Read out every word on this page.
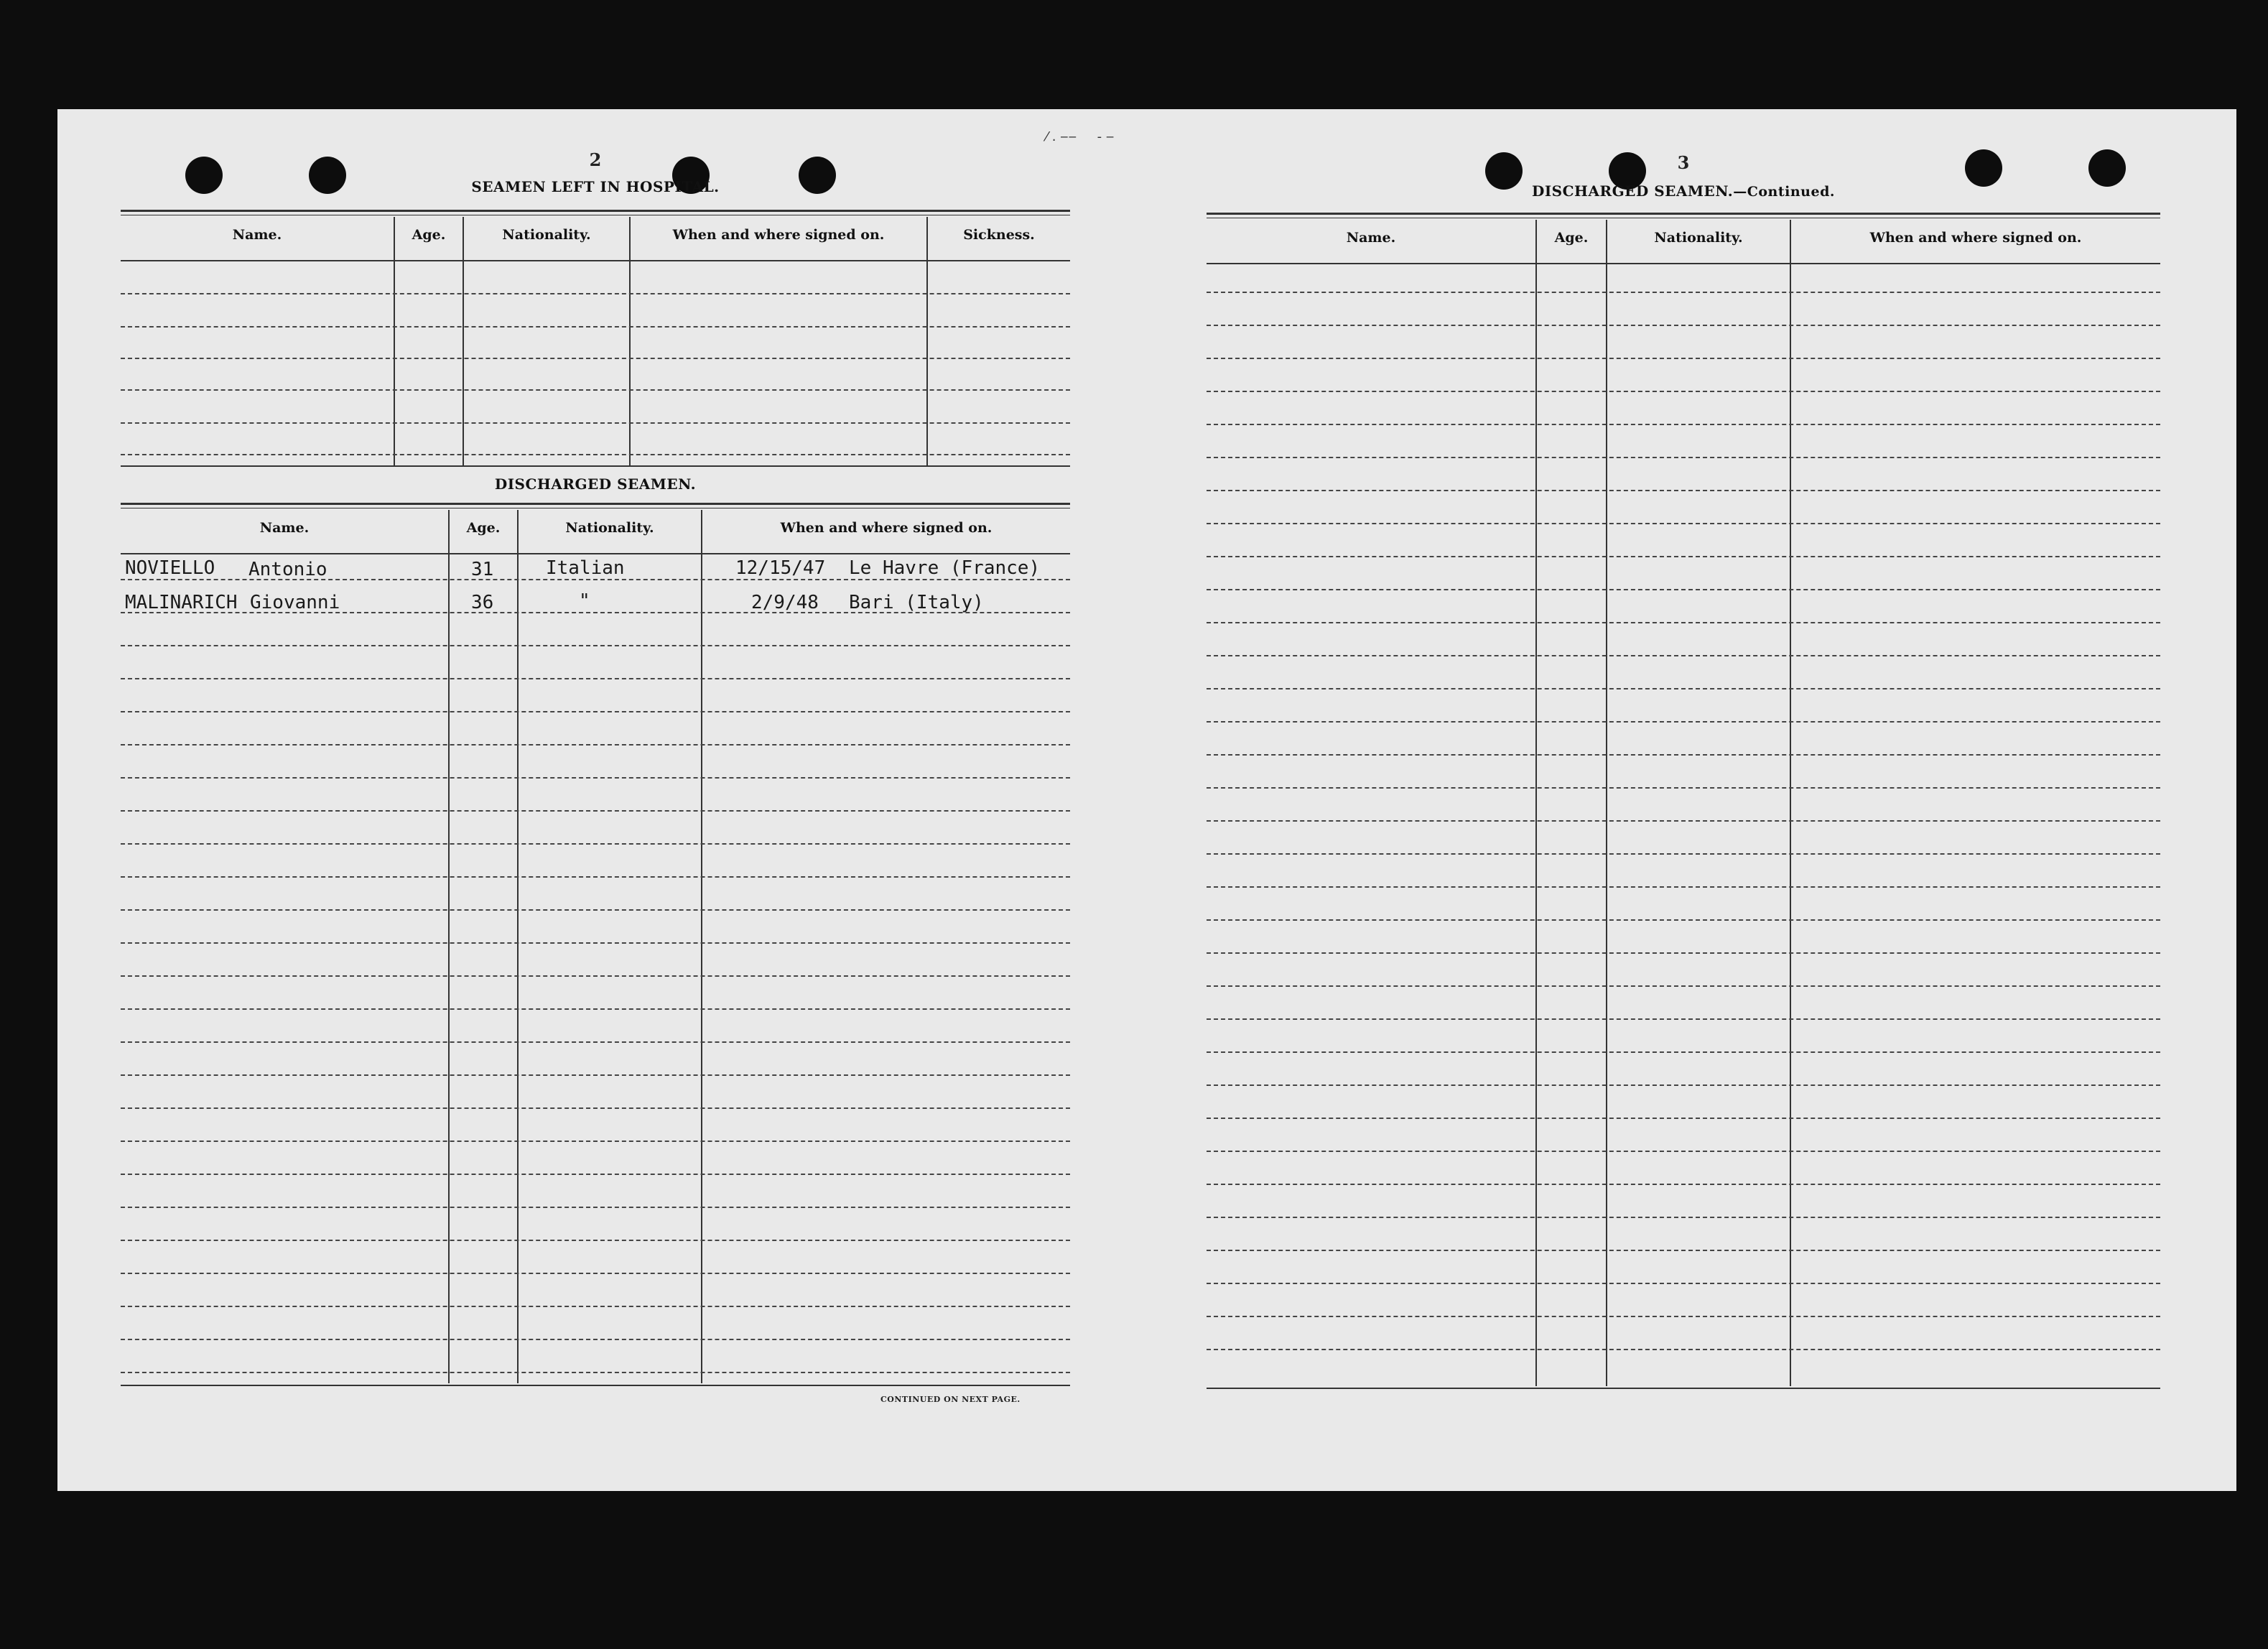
2
SEAMEN LEFT IN HOSPITAL.
Name.	Age.	Nationality.	When and where signed on.	Sickness.
DISCHARGED SEAMEN.
Name.	Age.	Nationality.	When and where signed on.
NOVIELLO Antonio	31	Italian	12/15/47 Le Havre (France)
MALINARICH Giovanni	36	"	2/9/48 Bari (Italy)
CONTINUED ON NEXT PAGE.
3
DISCHARGED SEAMEN.—Continued.
Name.	Age.	Nationality.	When and where signed on.
⁄ . ‒‒     ‐ ‒
